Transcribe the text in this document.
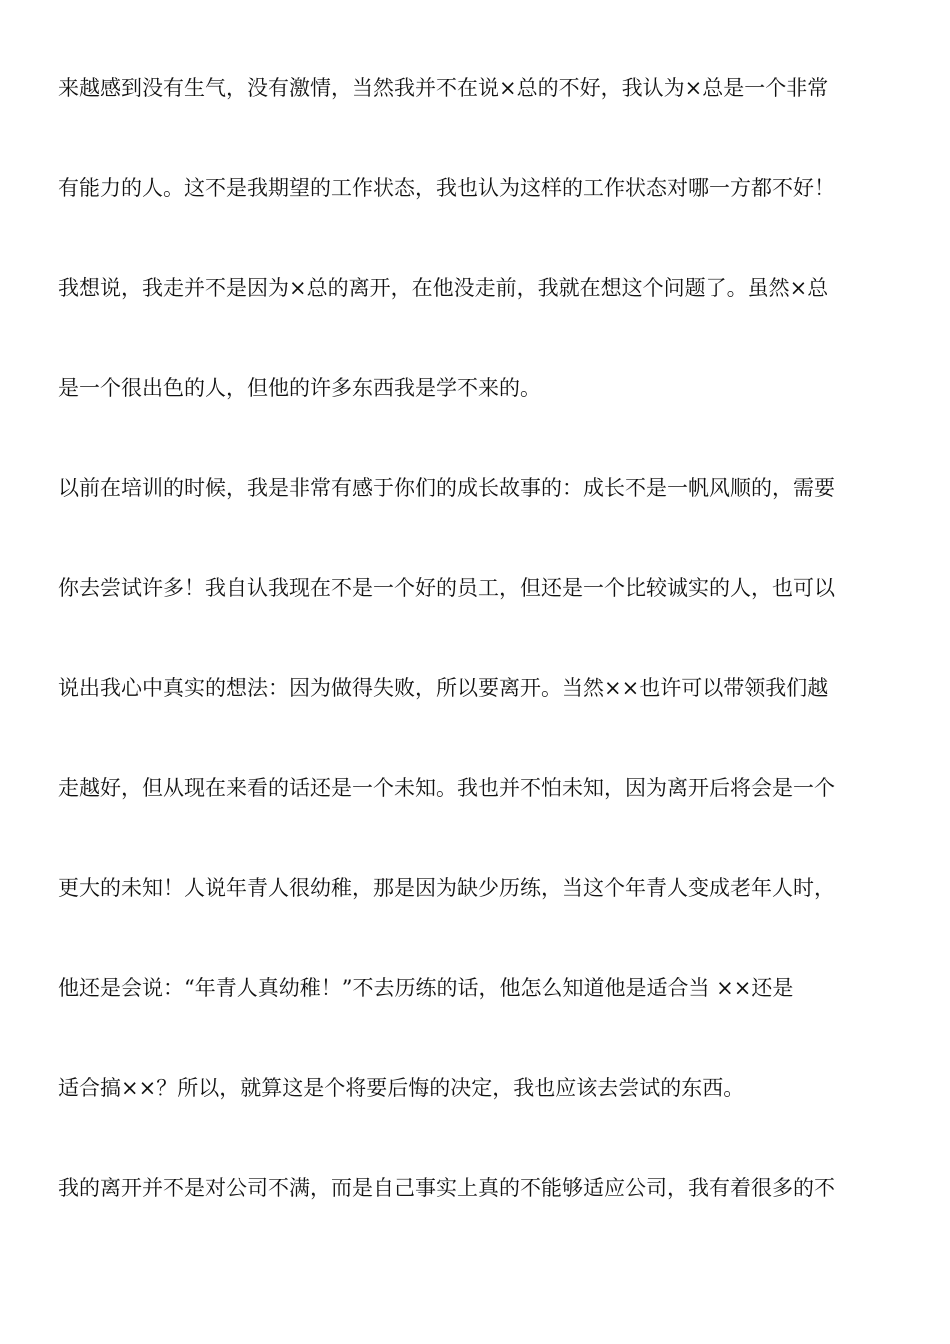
来越感到没有生气，没有激情，当然我并不在说×总的不好，我认为×总是一个非常

有能力的人。这不是我期望的工作状态，我也认为这样的工作状态对哪一方都不好！

我想说，我走并不是因为×总的离开，在他没走前，我就在想这个问题了。虽然×总

是一个很出色的人，但他的许多东西我是学不来的。

以前在培训的时候，我是非常有感于你们的成长故事的：成长不是一帆风顺的，需要

你去尝试许多！我自认我现在不是一个好的员工，但还是一个比较诚实的人，也可以

说出我心中真实的想法：因为做得失败，所以要离开。当然××也许可以带领我们越

走越好，但从现在来看的话还是一个未知。我也并不怕未知，因为离开后将会是一个

更大的未知！人说年青人很幼稚，那是因为缺少历练，当这个年青人变成老年人时，

他还是会说：“年青人真幼稚！”不去历练的话，他怎么知道他是适合当 ××还是

适合搞××？所以，就算这是个将要后悔的决定，我也应该去尝试的东西。

我的离开并不是对公司不满，而是自己事实上真的不能够适应公司，我有着很多的不
